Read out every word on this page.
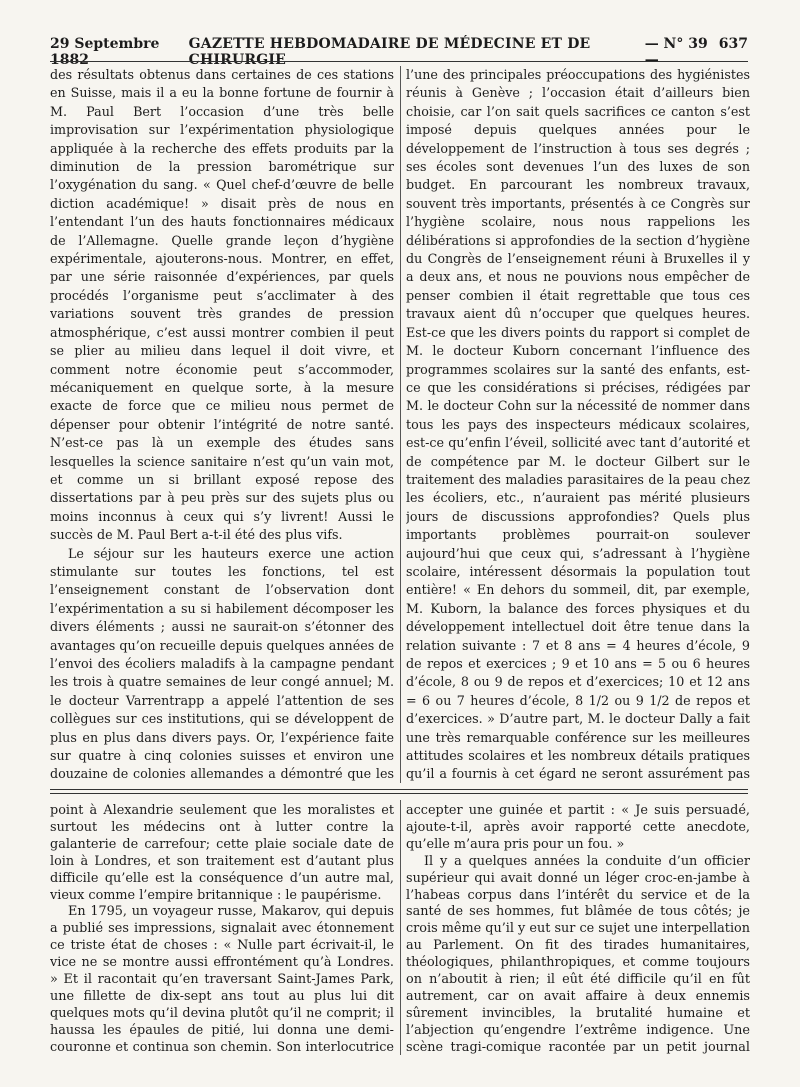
29 Septembre 1882
GAZETTE HEBDOMADAIRE DE MÉDECINE ET DE CHIRURGIE
— N° 39 —
637

des résultats obtenus dans certaines de ces stations en Suisse, mais il a eu la bonne fortune de fournir à M. Paul Bert l’occasion d’une très belle improvisation sur l’expérimentation physiologique appliquée à la recherche des effets produits par la diminution de la pression barométrique sur l’oxygénation du sang. « Quel chef-d’œuvre de belle diction académique! » disait près de nous en l’entendant l’un des hauts fonctionnaires médicaux de l’Allemagne. Quelle grande leçon d’hygiène expérimentale, ajouterons-nous. Montrer, en effet, par une série raisonnée d’expériences, par quels procédés l’organisme peut s’acclimater à des variations souvent très grandes de pression atmosphérique, c’est aussi montrer combien il peut se plier au milieu dans lequel il doit vivre, et comment notre économie peut s’accommoder, mécaniquement en quelque sorte, à la mesure exacte de force que ce milieu nous permet de dépenser pour obtenir l’intégrité de notre santé. N’est-ce pas là un exemple des études sans lesquelles la science sanitaire n’est qu’un vain mot, et comme un si brillant exposé repose des dissertations par à peu près sur des sujets plus ou moins inconnus à ceux qui s’y livrent! Aussi le succès de M. Paul Bert a-t-il été des plus vifs.

Le séjour sur les hauteurs exerce une action stimulante sur toutes les fonctions, tel est l’enseignement constant de l’observation dont l’expérimentation a su si habilement décomposer les divers éléments ; aussi ne saurait-on s’étonner des avantages qu’on recueille depuis quelques années de l’envoi des écoliers maladifs à la campagne pendant les trois à quatre semaines de leur congé annuel; M. le docteur Varrentrapp a appelé l’attention de ses collègues sur ces institutions, qui se développent de plus en plus dans divers pays. Or, l’expérience faite sur quatre à cinq colonies suisses et environ une douzaine de colonies allemandes a démontré que les

l’une des principales préoccupations des hygiénistes réunis à Genève ; l’occasion était d’ailleurs bien choisie, car l’on sait quels sacrifices ce canton s’est imposé depuis quelques années pour le développement de l’instruction à tous ses degrés ; ses écoles sont devenues l’un des luxes de son budget. En parcourant les nombreux travaux, souvent très importants, présentés à ce Congrès sur l’hygiène scolaire, nous nous rappelions les délibérations si approfondies de la section d’hygiène du Congrès de l’enseignement réuni à Bruxelles il y a deux ans, et nous ne pouvions nous empêcher de penser combien il était regrettable que tous ces travaux aient dû n’occuper que quelques heures. Est-ce que les divers points du rapport si complet de M. le docteur Kuborn concernant l’influence des programmes scolaires sur la santé des enfants, est-ce que les considérations si précises, rédigées par M. le docteur Cohn sur la nécessité de nommer dans tous les pays des inspecteurs médicaux scolaires, est-ce qu’enfin l’éveil, sollicité avec tant d’autorité et de compétence par M. le docteur Gilbert sur le traitement des maladies parasitaires de la peau chez les écoliers, etc., n’auraient pas mérité plusieurs jours de discussions approfondies? Quels plus importants problèmes pourrait-on soulever aujourd’hui que ceux qui, s’adressant à l’hygiène scolaire, intéressent désormais la population tout entière! « En dehors du sommeil, dit, par exemple, M. Kuborn, la balance des forces physiques et du développement intellectuel doit être tenue dans la relation suivante : 7 et 8 ans = 4 heures d’école, 9 de repos et exercices ; 9 et 10 ans = 5 ou 6 heures d’école, 8 ou 9 de repos et d’exercices; 10 et 12 ans = 6 ou 7 heures d’école, 8 1/2 ou 9 1/2 de repos et d’exercices. » D’autre part, M. le docteur Dally a fait une très remarquable conférence sur les meilleures attitudes scolaires et les nombreux détails pratiques qu’il a fournis à cet égard ne seront assurément pas

point à Alexandrie seulement que les moralistes et surtout les médecins ont à lutter contre la galanterie de carrefour; cette plaie sociale date de loin à Londres, et son traitement est d’autant plus difficile qu’elle est la conséquence d’un autre mal, vieux comme l’empire britannique : le paupérisme.

En 1795, un voyageur russe, Makarov, qui depuis a publié ses impressions, signalait avec étonnement ce triste état de choses : « Nulle part écrivait-il, le vice ne se montre aussi effrontément qu’à Londres. » Et il racontait qu’en traversant Saint-James Park, une fillette de dix-sept ans tout au plus lui dit quelques mots qu’il devina plutôt qu’il ne comprit; il haussa les épaules de pitié, lui donna une demi-couronne et continua son chemin. Son interlocutrice

accepter une guinée et partit : « Je suis persuadé, ajoute-t-il, après avoir rapporté cette anecdote, qu’elle m’aura pris pour un fou. »

Il y a quelques années la conduite d’un officier supérieur qui avait donné un léger croc-en-jambe à l’habeas corpus dans l’intérêt du service et de la santé de ses hommes, fut blâmée de tous côtés; je crois même qu’il y eut sur ce sujet une interpellation au Parlement. On fit des tirades humanitaires, théologiques, philanthropiques, et comme toujours on n’aboutit à rien; il eût été difficile qu’il en fût autrement, car on avait affaire à deux ennemis sûrement invincibles, la brutalité humaine et l’abjection qu’engendre l’extrême indigence. Une scène tragi-comique racontée par un petit journal
